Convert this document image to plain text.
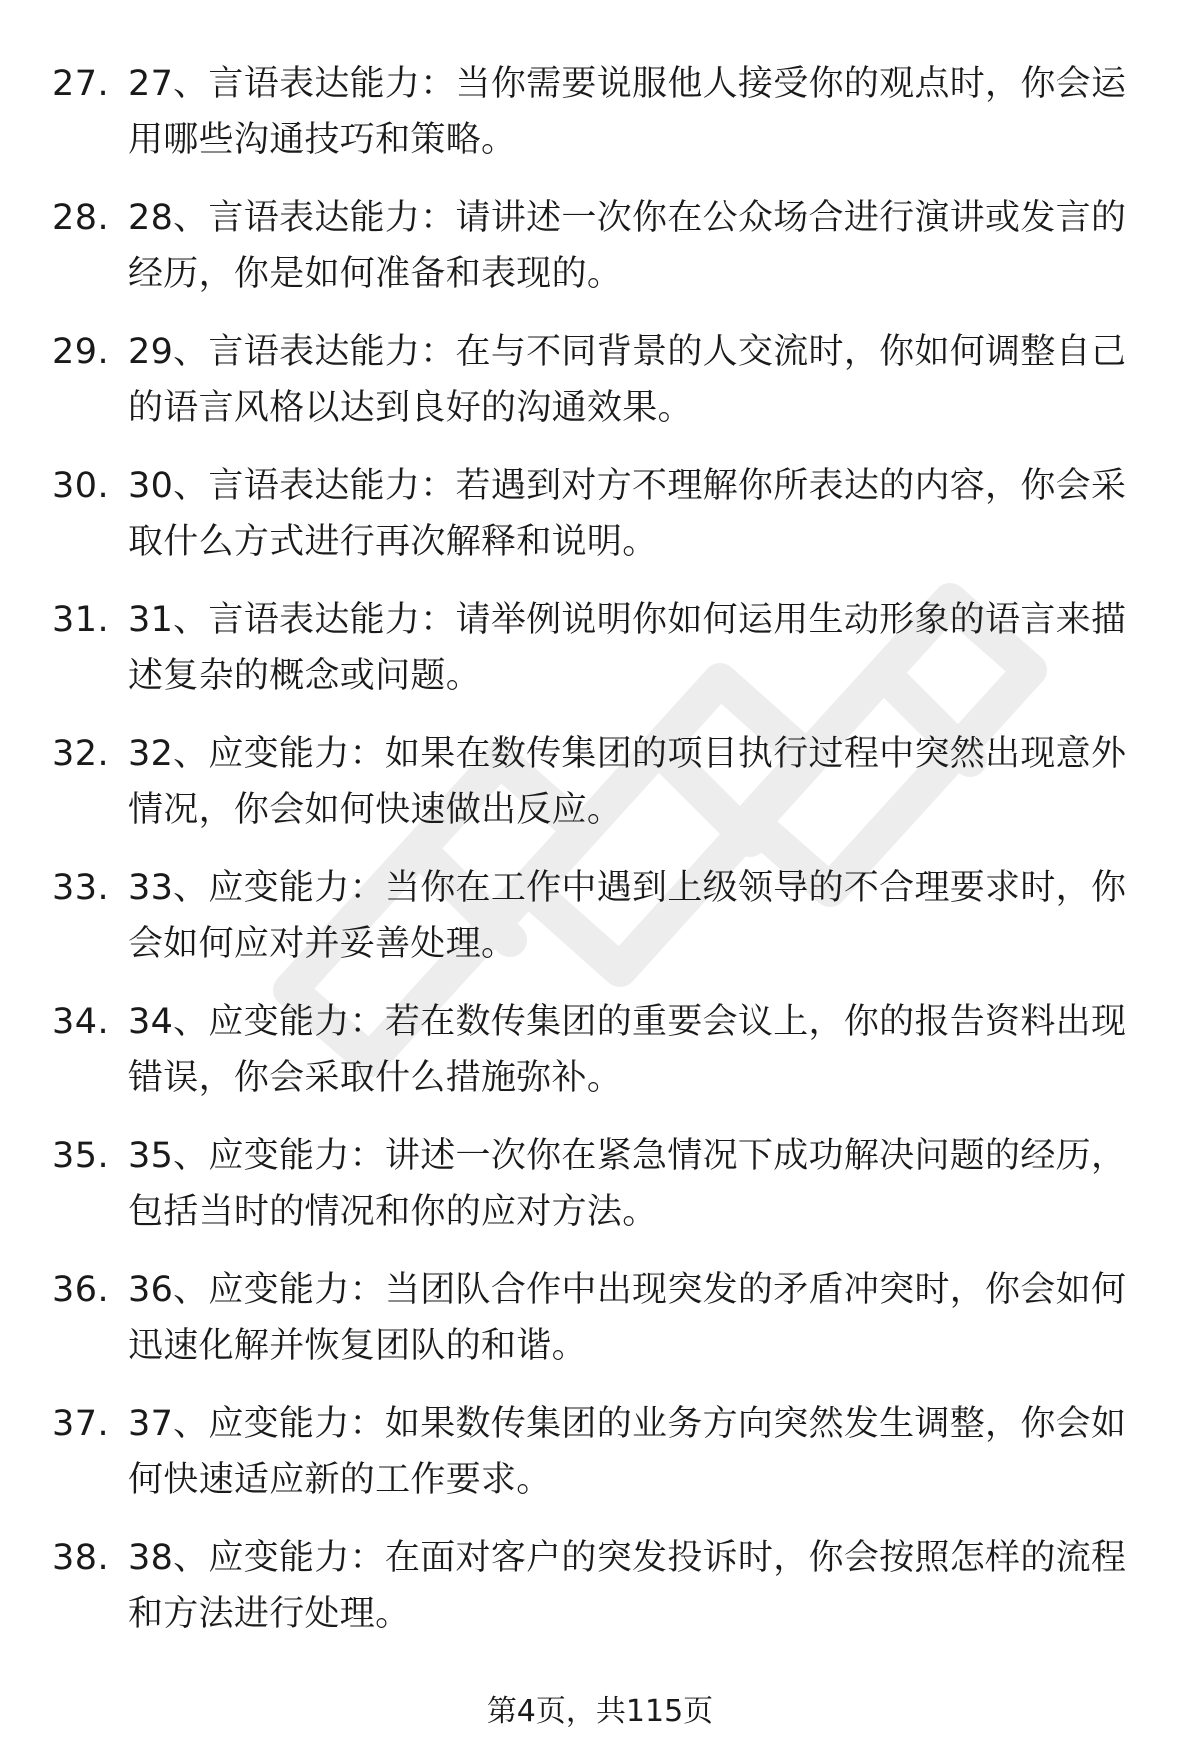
27. 27、言语表达能力：当你需要说服他人接受你的观点时，你会运用哪些沟通技巧和策略。
28. 28、言语表达能力：请讲述一次你在公众场合进行演讲或发言的经历，你是如何准备和表现的。
29. 29、言语表达能力：在与不同背景的人交流时，你如何调整自己的语言风格以达到良好的沟通效果。
30. 30、言语表达能力：若遇到对方不理解你所表达的内容，你会采取什么方式进行再次解释和说明。
31. 31、言语表达能力：请举例说明你如何运用生动形象的语言来描述复杂的概念或问题。
32. 32、应变能力：如果在数传集团的项目执行过程中突然出现意外情况，你会如何快速做出反应。
33. 33、应变能力：当你在工作中遇到上级领导的不合理要求时，你会如何应对并妥善处理。
34. 34、应变能力：若在数传集团的重要会议上，你的报告资料出现错误，你会采取什么措施弥补。
35. 35、应变能力：讲述一次你在紧急情况下成功解决问题的经历，包括当时的情况和你的应对方法。
36. 36、应变能力：当团队合作中出现突发的矛盾冲突时，你会如何迅速化解并恢复团队的和谐。
37. 37、应变能力：如果数传集团的业务方向突然发生调整，你会如何快速适应新的工作要求。
38. 38、应变能力：在面对客户的突发投诉时，你会按照怎样的流程和方法进行处理。
第4页，共115页
